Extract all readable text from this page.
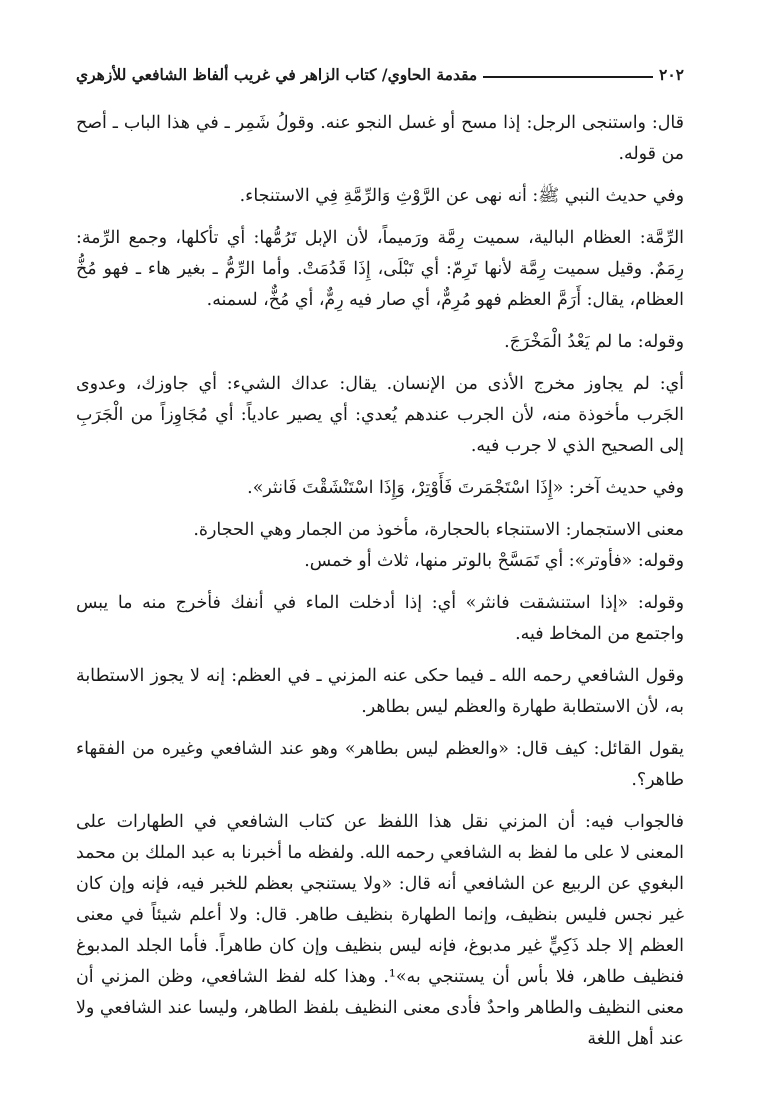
٢٠٢
مقدمة الحاوي/ كتاب الزاهر في غريب ألفاظ الشافعي للأزهري

قال: واستنجى الرجل: إذا مسح أو غسل النجو عنه. وقولُ شَمِر ـ في هذا الباب ـ أصح من قوله.

وفي حديث النبي ﷺ: أنه نهى عن الرَّوْثِ وَالرِّمَّةِ فِي الاستنجاء.

الرِّمَّة: العظام البالية، سميت رِمَّة ورَميماً، لأن الإبل تَرُمُّها: أي تأكلها، وجمع الرِّمة: رِمَمٌ. وقيل سميت رِمَّة لأنها تَرِمّ: أي تَبْلَى، إِذَا قَدُمَتْ. وأما الرِّمُّ ـ بغير هاء ـ فهو مُخُّ العظام، يقال: أَرَمَّ العظم فهو مُرِمٌّ، أي صار فيه رِمٌّ، أي مُخٌّ، لسمنه.

وقوله: ما لم يَعْدُ الْمَخْرَجَ.

أي: لم يجاوز مخرج الأذى من الإنسان. يقال: عداك الشيء: أي جاوزك، وعدوى الجَرب مأخوذة منه، لأن الجرب عندهم يُعدي: أي يصير عادياً: أي مُجَاوِزاً من الْجَرَبِ إلى الصحيح الذي لا جرب فيه.

وفي حديث آخر: «إِذَا اسْتَجْمَرتَ فَأَوْتِرْ، وَإِذَا اسْتَنْشَقْتَ فَانثر».

معنى الاستجمار: الاستنجاء بالحجارة، مأخوذ من الجمار وهي الحجارة.

وقوله: «فأوتر»: أي تَمَسَّحْ بالوتر منها، ثلاث أو خمس.

وقوله: «إذا استنشقت فانثر» أي: إذا أدخلت الماء في أنفك فأخرج منه ما يبس واجتمع من المخاط فيه.

وقول الشافعي رحمه الله ـ فيما حكى عنه المزني ـ في العظم: إنه لا يجوز الاستطابة به، لأن الاستطابة طهارة والعظم ليس بطاهر.

يقول القائل: كيف قال: «والعظم ليس بطاهر» وهو عند الشافعي وغيره من الفقهاء طاهر؟.

فالجواب فيه: أن المزني نقل هذا اللفظ عن كتاب الشافعي في الطهارات على المعنى لا على ما لفظ به الشافعي رحمه الله. ولفظه ما أخبرنا به عبد الملك بن محمد البغوي عن الربيع عن الشافعي أنه قال: «ولا يستنجي بعظم للخبر فيه، فإنه وإن كان غير نجس فليس بنظيف، وإنما الطهارة بنظيف طاهر. قال: ولا أعلم شيئاً في معنى العظم إلا جلد ذَكِيٍّ غير مدبوغ، فإنه ليس بنظيف وإن كان طاهراً. فأما الجلد المدبوغ فنظيف طاهر، فلا بأس أن يستنجي به»¹. وهذا كله لفظ الشافعي، وظن المزني أن معنى النظيف والطاهر واحدٌ فأدى معنى النظيف بلفظ الطاهر، وليسا عند الشافعي ولا عند أهل اللغة
